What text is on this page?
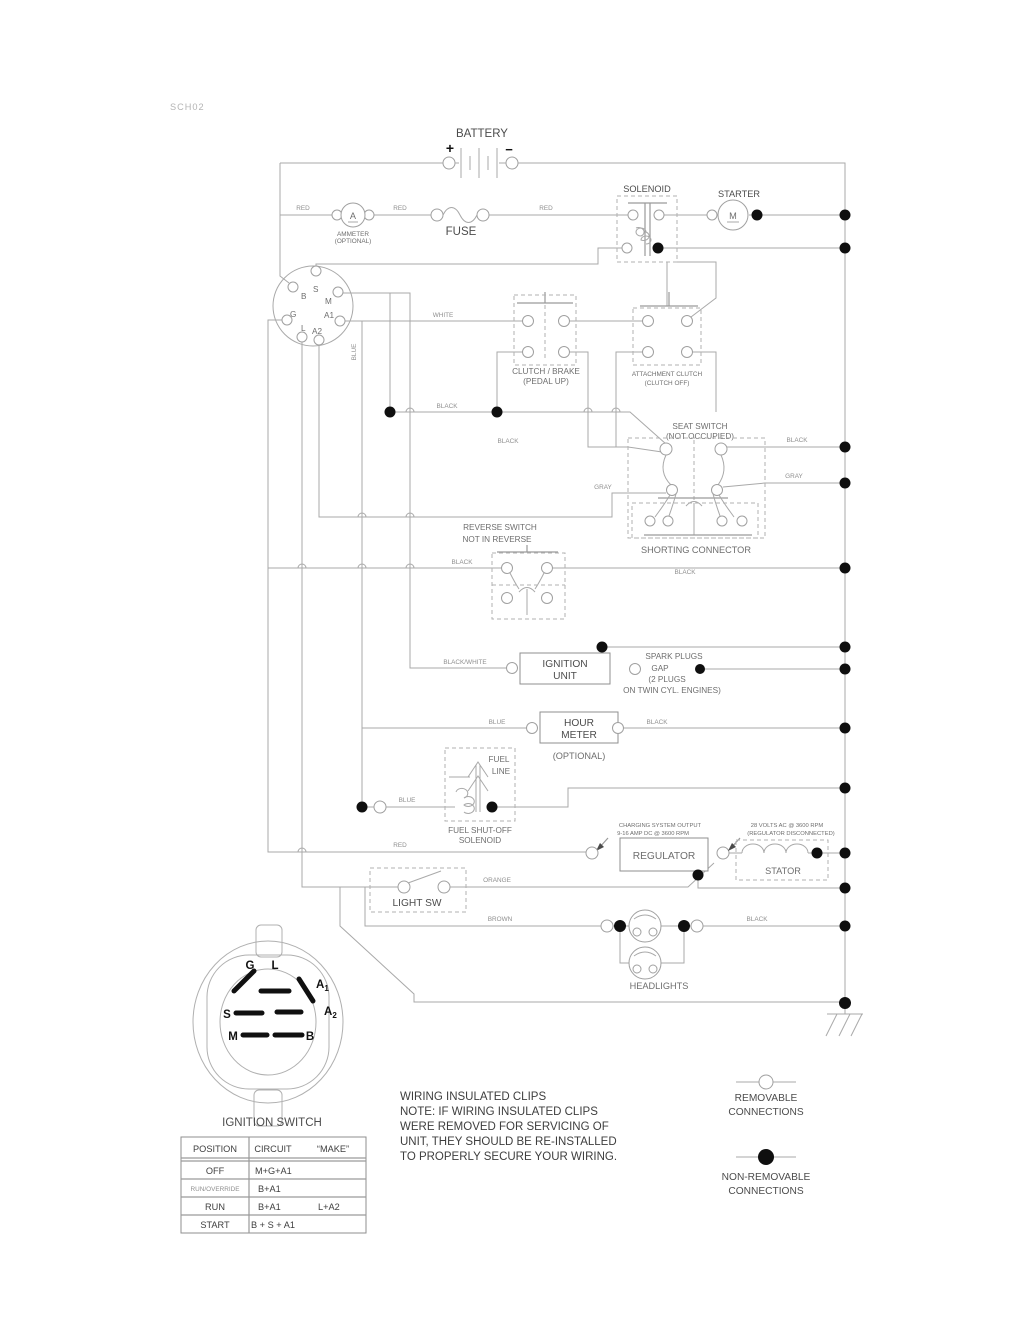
SCH02
BATTERY
+	−
A
AMMETER
(OPTIONAL)
FUSE
SOLENOID	STARTER
M
B
S
M
G	A1
L A2
BLUE
CLUTCH / BRAKE
(PEDAL UP)
ATTACHMENT CLUTCH
(CLUTCH OFF)
SEAT SWITCH
(NOT OCCUPIED)
SHORTING CONNECTOR
REVERSE SWITCH
NOT IN REVERSE
IGNITION
UNIT
SPARK PLUGS
GAP
(2 PLUGS
ON TWIN CYL. ENGINES)
HOUR
METER
(OPTIONAL)
FUEL
LINE
FUEL SHUT-OFF
SOLENOID
CHARGING SYSTEM OUTPUT
9-16 AMP DC @ 3600 RPM
REGULATOR
28 VOLTS AC @ 3600 RPM
(REGULATOR DISCONNECTED)
STATOR
LIGHT SW
HEADLIGHTS
RED	RED	RED
WHITE
BLACK
BLACK	BLACK
GRAY
GRAY
BLACK
BLACK
BLACK/WHITE
BLUE	BLACK
BLUE
RED
ORANGE
BROWN	BLACK
G L
$A_1$
$A_2$
S
M	B
IGNITION SWITCH
WIRING INSULATED CLIPS
NOTE: IF WIRING INSULATED CLIPS
WERE REMOVED FOR SERVICING OF
UNIT, THEY SHOULD BE RE-INSTALLED
TO PROPERLY SECURE YOUR WIRING.
REMOVABLE
CONNECTIONS
NON-REMOVABLE
CONNECTIONS
POSITION CIRCUIT	“MAKE”
OFF	M+G+A1
RUN/OVERRIDE B+A1
RUN	B+A1	L+A2
START B + S + A1
